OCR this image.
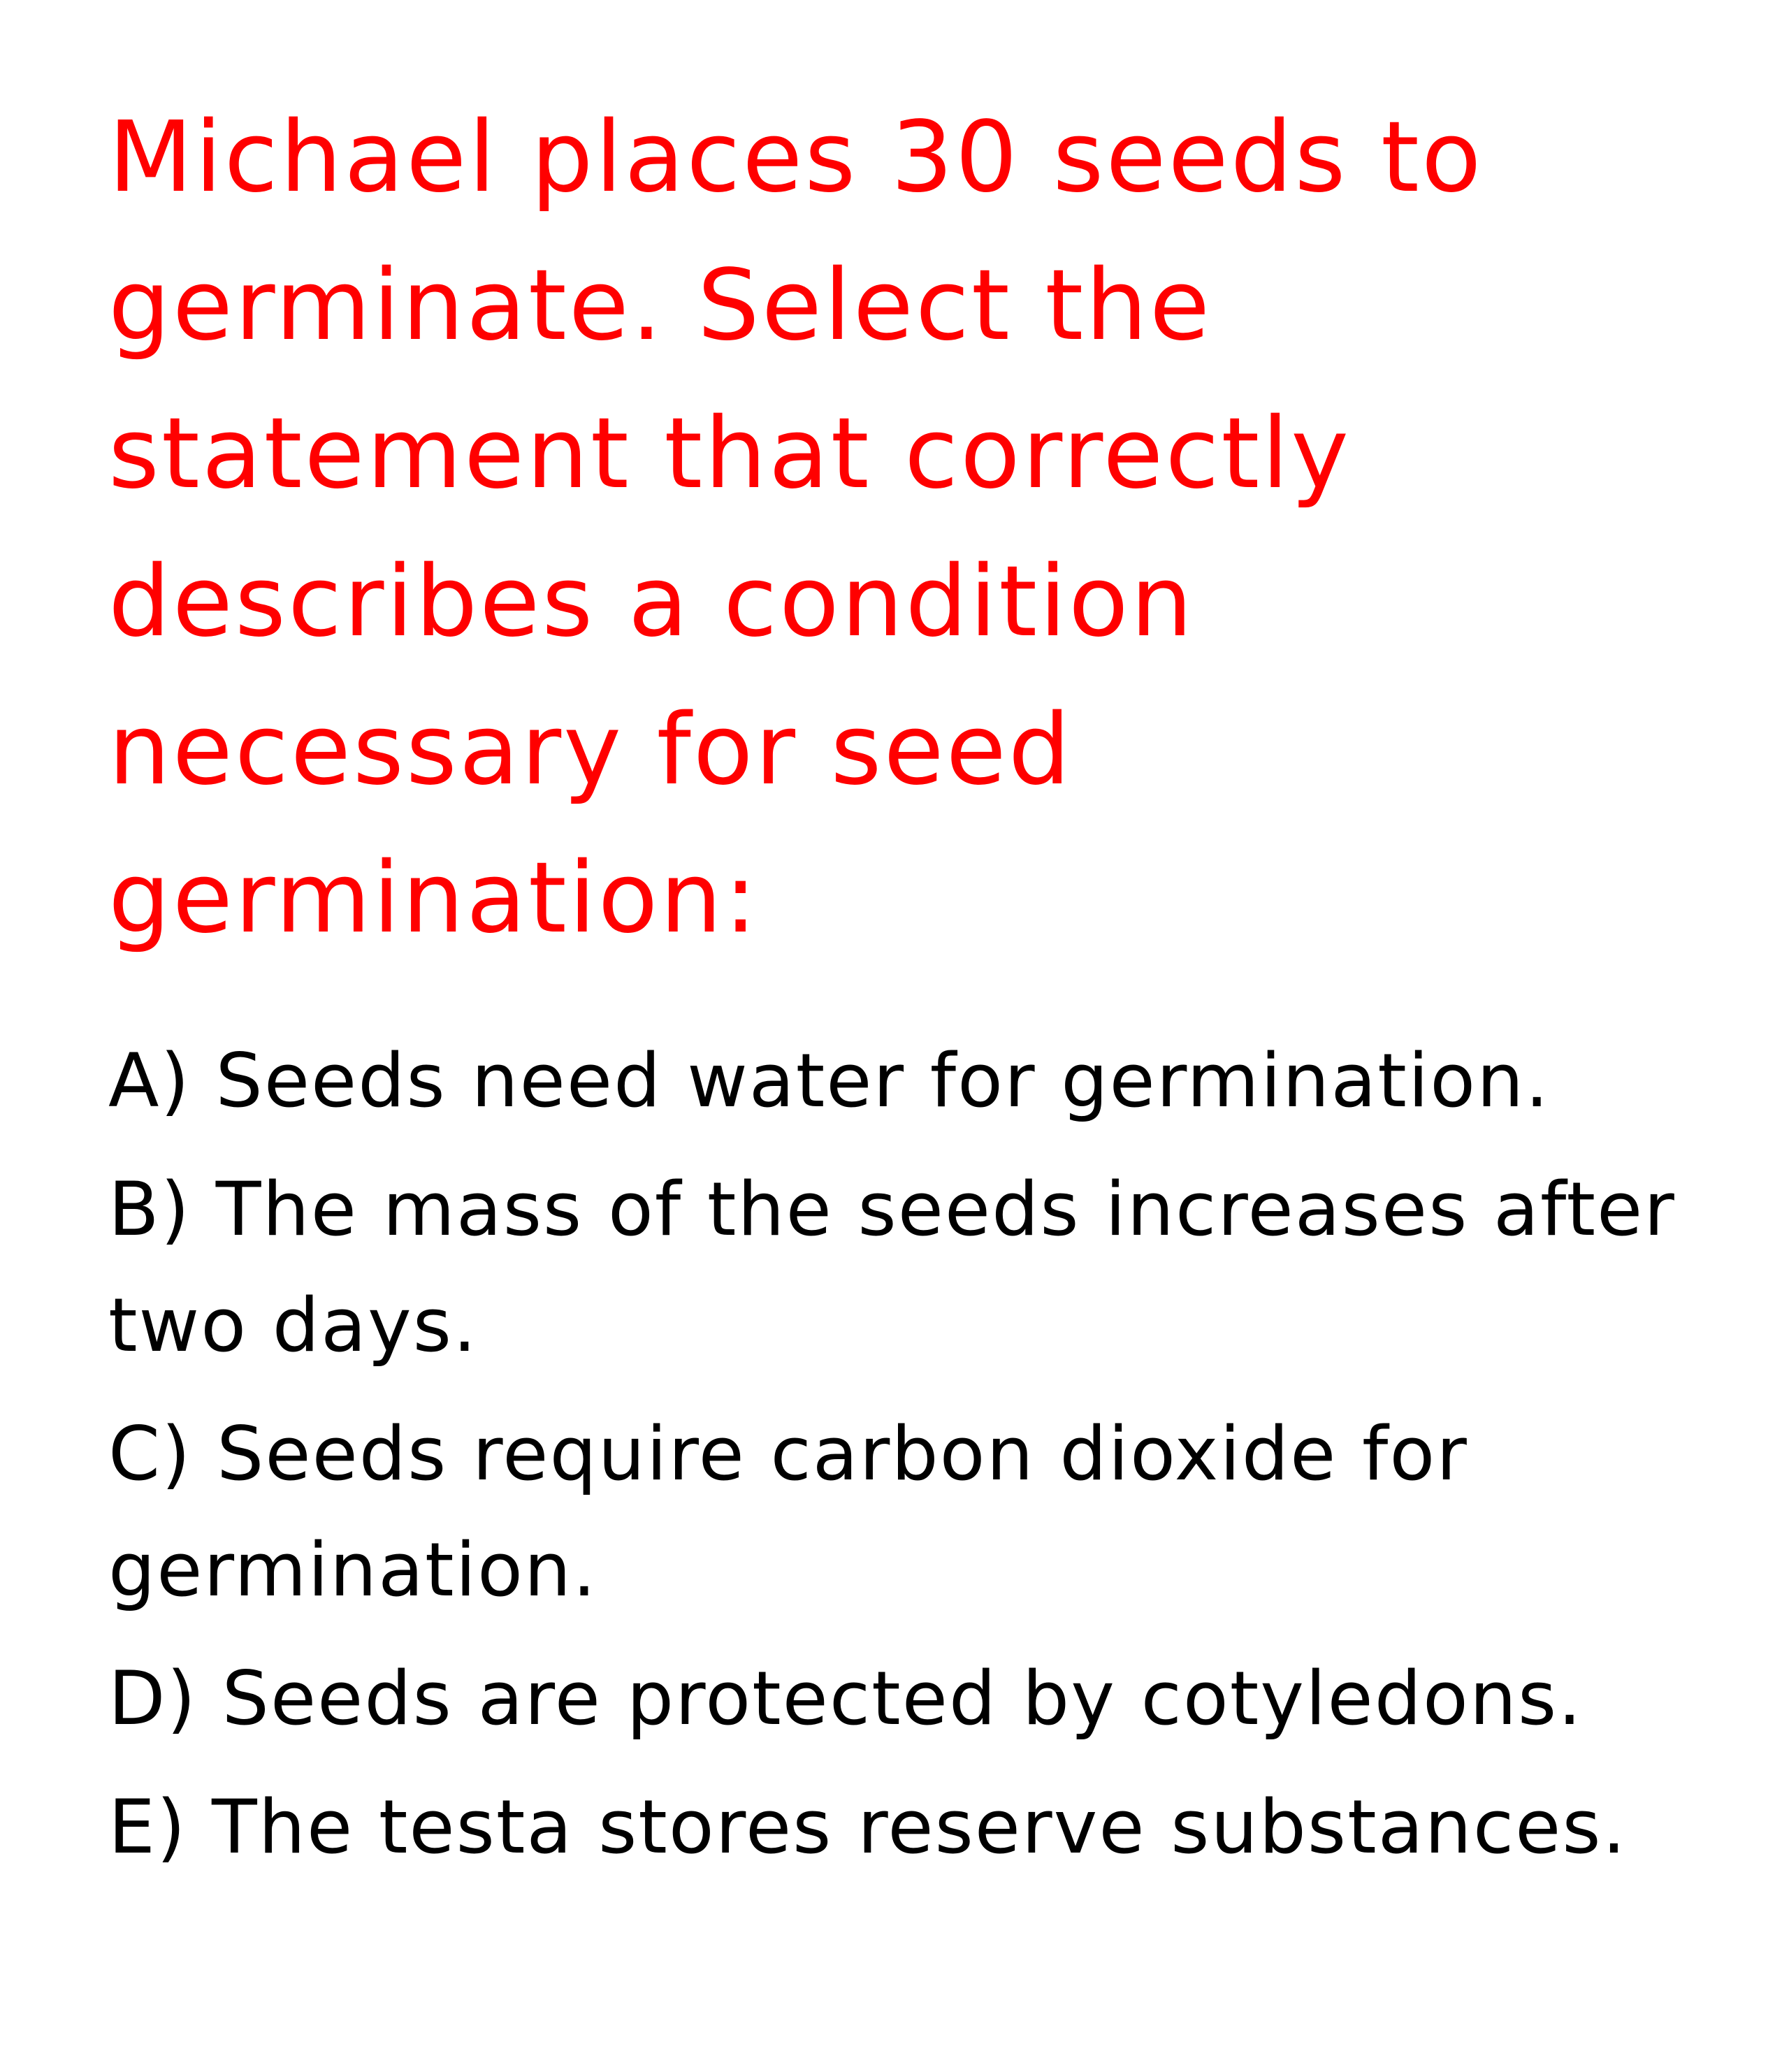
Michael places 30 seeds to
germinate. Select the
statement that correctly
describes a condition
necessary for seed
germination:

A) Seeds need water for germination.
B) The mass of the seeds increases after two days.
C) Seeds require carbon dioxide for germination.
D) Seeds are protected by cotyledons.
E) The testa stores reserve substances.
